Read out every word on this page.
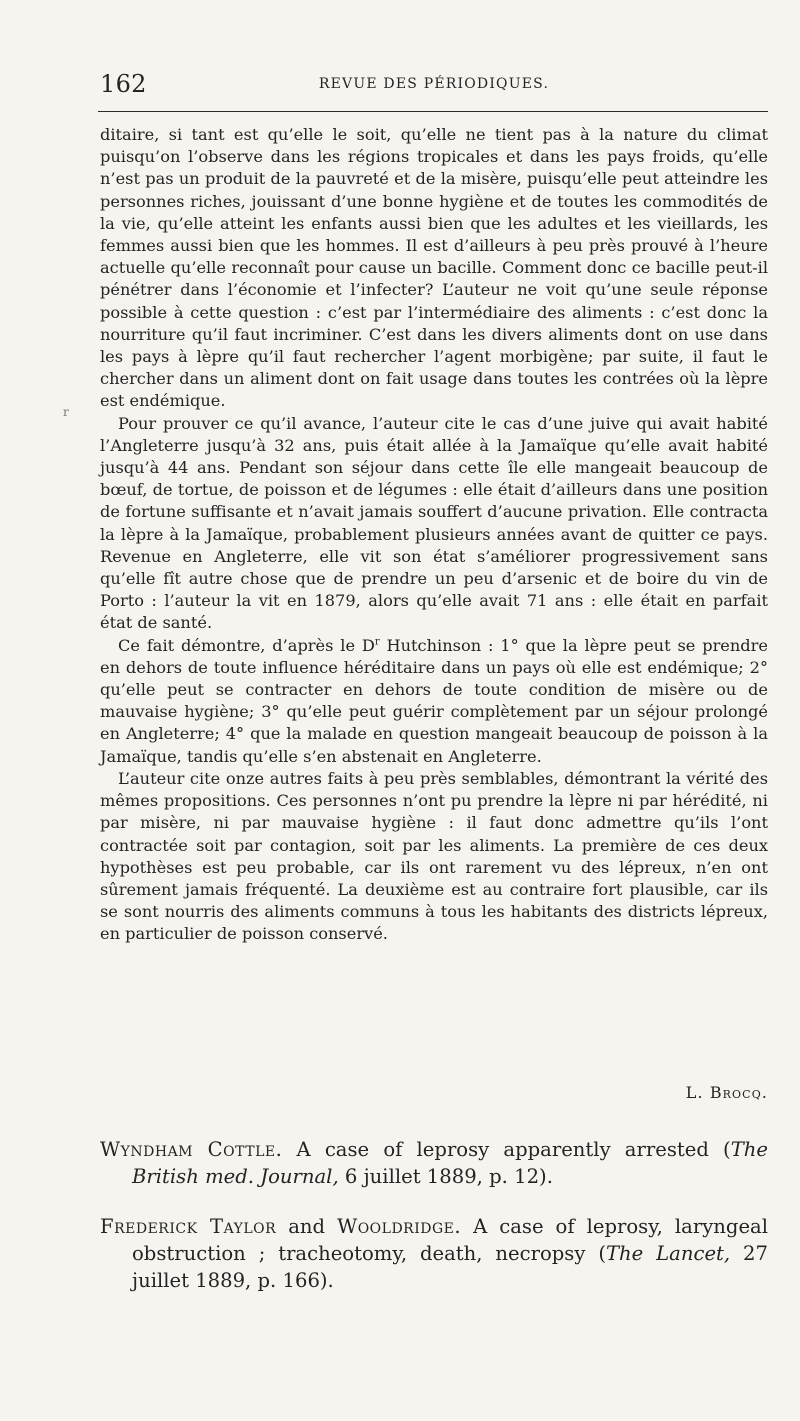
162	REVUE DES PÉRIODIQUES.
r

ditaire, si tant est qu’elle le soit, qu’elle ne tient pas à la nature du climat puisqu’on l’observe dans les régions tropicales et dans les pays froids, qu’elle n’est pas un produit de la pauvreté et de la misère, puisqu’elle peut atteindre les personnes riches, jouissant d’une bonne hygiène et de toutes les commodités de la vie, qu’elle atteint les enfants aussi bien que les adultes et les vieillards, les femmes aussi bien que les hommes. Il est d’ailleurs à peu près prouvé à l’heure actuelle qu’elle reconnaît pour cause un bacille. Comment donc ce bacille peut-il pénétrer dans l’économie et l’infecter? L’auteur ne voit qu’une seule réponse possible à cette question : c’est par l’intermédiaire des aliments : c’est donc la nourriture qu’il faut incriminer. C’est dans les divers aliments dont on use dans les pays à lèpre qu’il faut rechercher l’agent morbigène; par suite, il faut le chercher dans un aliment dont on fait usage dans toutes les contrées où la lèpre est endémique.

Pour prouver ce qu’il avance, l’auteur cite le cas d’une juive qui avait habité l’Angleterre jusqu’à 32 ans, puis était allée à la Jamaïque qu’elle avait habité jusqu’à 44 ans. Pendant son séjour dans cette île elle mangeait beaucoup de bœuf, de tortue, de poisson et de légumes : elle était d’ailleurs dans une position de fortune suffisante et n’avait jamais souffert d’aucune privation. Elle contracta la lèpre à la Jamaïque, probablement plusieurs années avant de quitter ce pays. Revenue en Angleterre, elle vit son état s’améliorer progressivement sans qu’elle fît autre chose que de prendre un peu d’arsenic et de boire du vin de Porto : l’auteur la vit en 1879, alors qu’elle avait 71 ans : elle était en parfait état de santé.

Ce fait démontre, d’après le $D^r$ Hutchinson : 1° que la lèpre peut se prendre en dehors de toute influence héréditaire dans un pays où elle est endémique; 2° qu’elle peut se contracter en dehors de toute condition de misère ou de mauvaise hygiène; 3° qu’elle peut guérir complètement par un séjour prolongé en Angleterre; 4° que la malade en question mangeait beaucoup de poisson à la Jamaïque, tandis qu’elle s’en abstenait en Angleterre.

L’auteur cite onze autres faits à peu près semblables, démontrant la vérité des mêmes propositions. Ces personnes n’ont pu prendre la lèpre ni par hérédité, ni par misère, ni par mauvaise hygiène : il faut donc admettre qu’ils l’ont contractée soit par contagion, soit par les aliments. La première de ces deux hypothèses est peu probable, car ils ont rarement vu des lépreux, n’en ont sûrement jamais fréquenté. La deuxième est au contraire fort plausible, car ils se sont nourris des aliments communs à tous les habitants des districts lépreux, en particulier de poisson conservé.

L. Brocq.

Wyndham Cottle. A case of leprosy apparently arrested (The British med. Journal, 6 juillet 1889, p. 12).

Frederick Taylor and Wooldridge. A case of leprosy, laryngeal obstruction ; tracheotomy, death, necropsy (The Lancet, 27 juillet 1889, p. 166).
